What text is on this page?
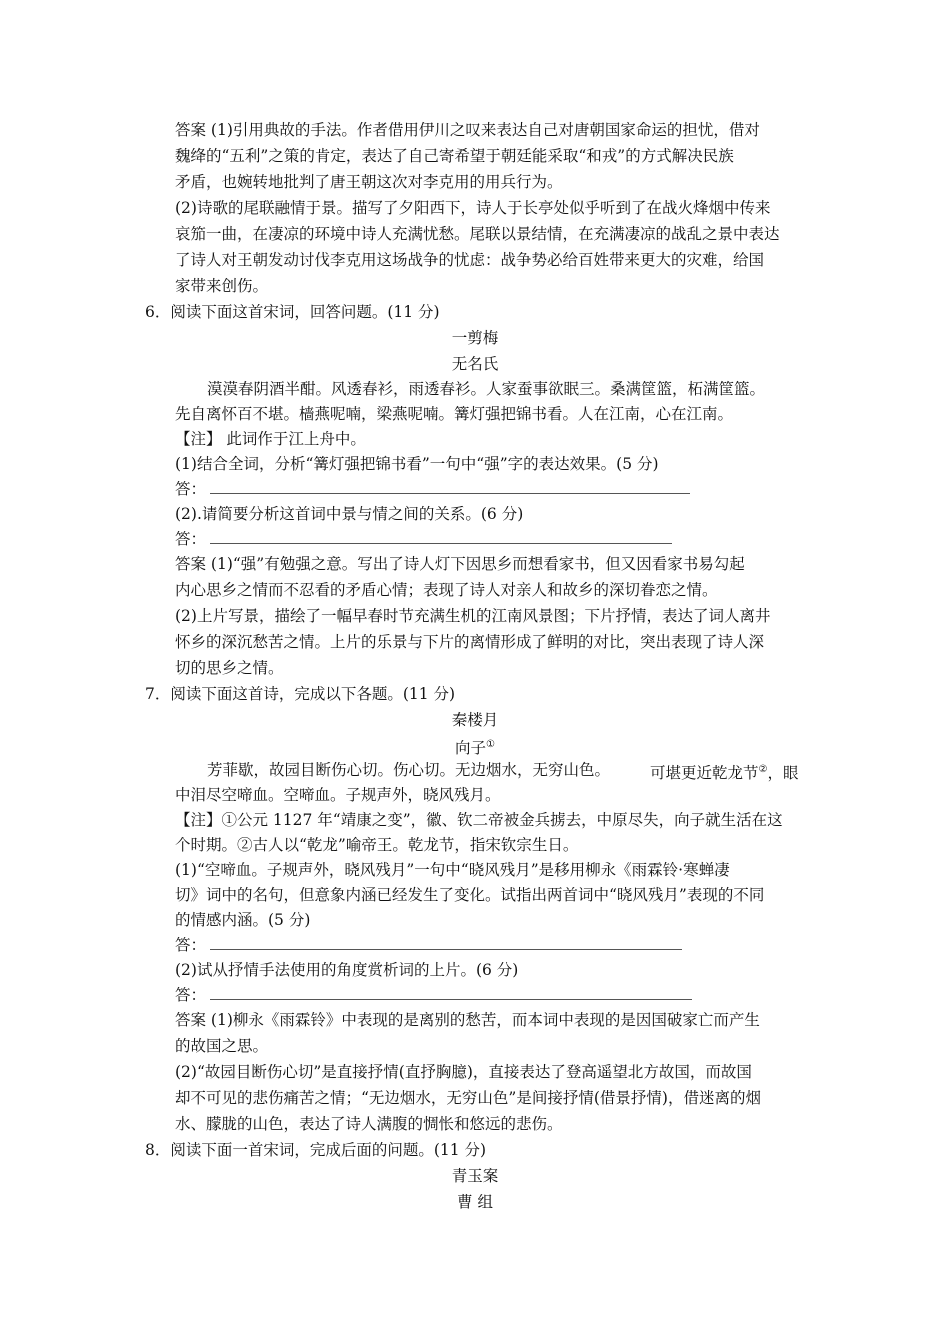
答案 (1)引用典故的手法。作者借用伊川之叹来表达自己对唐朝国家命运的担忧，借对
魏绛的“五利”之策的肯定，表达了自己寄希望于朝廷能采取“和戎”的方式解决民族
矛盾，也婉转地批判了唐王朝这次对李克用的用兵行为。
(2)诗歌的尾联融情于景。描写了夕阳西下，诗人于长亭处似乎听到了在战火烽烟中传来
哀笳一曲，在凄凉的环境中诗人充满忧愁。尾联以景结情，在充满凄凉的战乱之景中表达
了诗人对王朝发动讨伐李克用这场战争的忧虑：战争势必给百姓带来更大的灾难，给国
家带来创伤。
6．阅读下面这首宋词，回答问题。(11 分)
一剪梅
无名氏
漠漠春阴酒半酣。风透春衫，雨透春衫。人家蚕事欲眠三。桑满筐篮，柘满筐篮。
先自离怀百不堪。樯燕呢喃，梁燕呢喃。篝灯强把锦书看。人在江南，心在江南。
【注】 此词作于江上舟中。
(1)结合全词，分析“篝灯强把锦书看”一句中“强”字的表达效果。(5 分)
答：
(2).请简要分析这首词中景与情之间的关系。(6 分)
答：
答案 (1)“强”有勉强之意。写出了诗人灯下因思乡而想看家书，但又因看家书易勾起
内心思乡之情而不忍看的矛盾心情；表现了诗人对亲人和故乡的深切眷恋之情。
(2)上片写景，描绘了一幅早春时节充满生机的江南风景图；下片抒情，表达了词人离井
怀乡的深沉愁苦之情。上片的乐景与下片的离情形成了鲜明的对比，突出表现了诗人深
切的思乡之情。
7．阅读下面这首诗，完成以下各题。(11 分)
秦楼月
向子①
芳菲歇，故园目断伤心切。伤心切。无边烟水，无穷山色。	可堪更近乾龙节②，眼
中泪尽空啼血。空啼血。子规声外，晓风残月。
【注】①公元 1127 年“靖康之变”，徽、钦二帝被金兵掳去，中原尽失，向子就生活在这
个时期。②古人以“乾龙”喻帝王。乾龙节，指宋钦宗生日。
(1)“空啼血。子规声外，晓风残月”一句中“晓风残月”是移用柳永《雨霖铃·寒蝉凄
切》词中的名句，但意象内涵已经发生了变化。试指出两首词中“晓风残月”表现的不同
的情感内涵。(5 分)
答：
(2)试从抒情手法使用的角度赏析词的上片。(6 分)
答：
答案 (1)柳永《雨霖铃》中表现的是离别的愁苦，而本词中表现的是因国破家亡而产生
的故国之思。
(2)“故园目断伤心切”是直接抒情(直抒胸臆)，直接表达了登高遥望北方故国，而故国
却不可见的悲伤痛苦之情；“无边烟水，无穷山色”是间接抒情(借景抒情)，借迷离的烟
水、朦胧的山色，表达了诗人满腹的惆怅和悠远的悲伤。
8．阅读下面一首宋词，完成后面的问题。(11 分)
青玉案
曹 组
